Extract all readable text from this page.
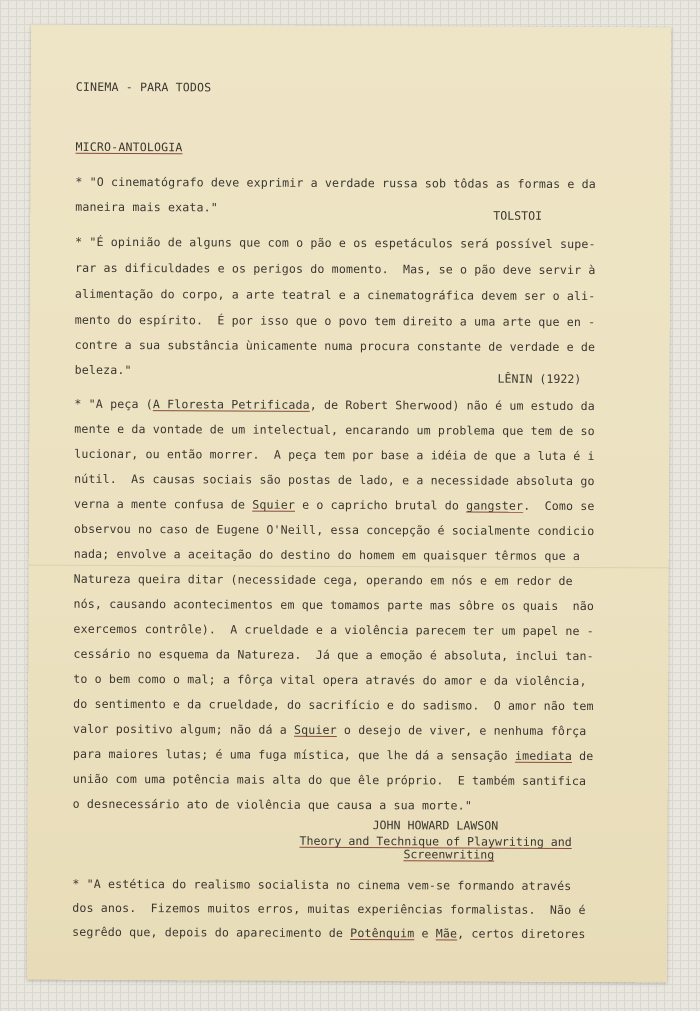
CINEMA - PARA TODOS
MICRO-ANTOLOGIA
* "O cinematógrafo deve exprimir a verdade russa sob tôdas as formas e da
maneira mais exata."
TOLSTOI
* "É opinião de alguns que com o pão e os espetáculos será possível supe-
rar as dificuldades e os perigos do momento.  Mas, se o pão deve servir à
alimentação do corpo, a arte teatral e a cinematográfica devem ser o ali-
mento do espírito.  É por isso que o povo tem direito a uma arte que en -
contre a sua substância ùnicamente numa procura constante de verdade e de
beleza."
LÊNIN (1922)
* "A peça (A Floresta Petrificada, de Robert Sherwood) não é um estudo da
mente e da vontade de um intelectual, encarando um problema que tem de so
lucionar, ou então morrer.  A peça tem por base a idéia de que a luta é i
nútil.  As causas sociais são postas de lado, e a necessidade absoluta go
verna a mente confusa de Squier e o capricho brutal do gangster.  Como se
observou no caso de Eugene O'Neill, essa concepção é socialmente condicio
nada; envolve a aceitação do destino do homem em quaisquer têrmos que a
Natureza queira ditar (necessidade cega, operando em nós e em redor de
nós, causando acontecimentos em que tomamos parte mas sôbre os quais  não
exercemos contrôle).  A crueldade e a violência parecem ter um papel ne -
cessário no esquema da Natureza.  Já que a emoção é absoluta, inclui tan-
to o bem como o mal; a fôrça vital opera através do amor e da violência,
do sentimento e da crueldade, do sacrifício e do sadismo.  O amor não tem
valor positivo algum; não dá a Squier o desejo de viver, e nenhuma fôrça
para maiores lutas; é uma fuga mística, que lhe dá a sensação imediata de
união com uma potência mais alta do que êle próprio.  E também santifica
o desnecessário ato de violência que causa a sua morte."
JOHN HOWARD LAWSON
Theory and Technique of Playwriting and
Screenwriting
* "A estética do realismo socialista no cinema vem-se formando através
dos anos.  Fizemos muitos erros, muitas experiências formalistas.  Não é
segrêdo que, depois do aparecimento de Potênquim e Mãe, certos diretores
